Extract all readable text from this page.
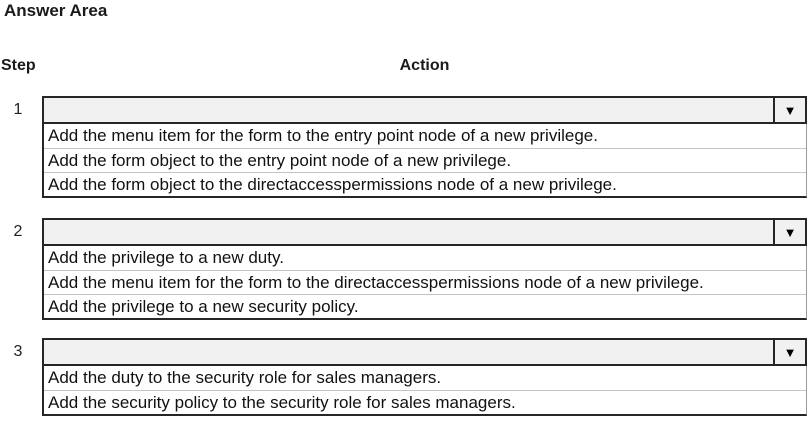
Answer Area
Step	Action
1	▼
Add the menu item for the form to the entry point node of a new privilege.
Add the form object to the entry point node of a new privilege.
Add the form object to the directaccesspermissions node of a new privilege.
2	▼
Add the privilege to a new duty.
Add the menu item for the form to the directaccesspermissions node of a new privilege.
Add the privilege to a new security policy.
3	▼
Add the duty to the security role for sales managers.
Add the security policy to the security role for sales managers.
